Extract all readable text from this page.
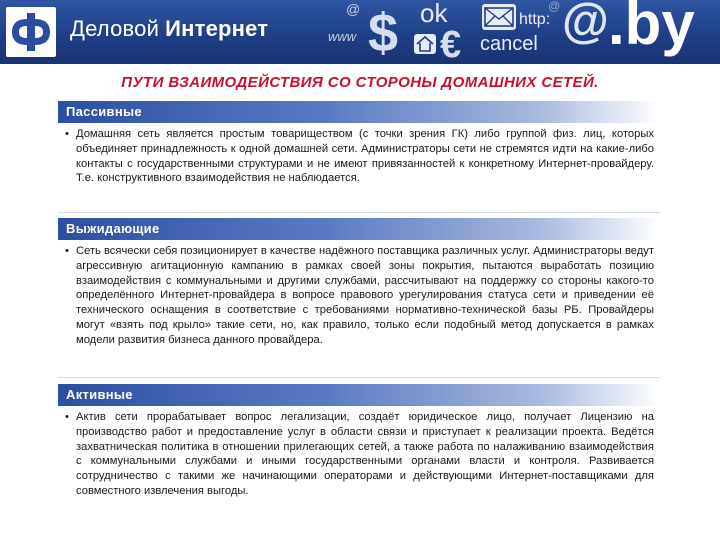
Деловой Интернет
@
www $ ok
€
http:
cancel
@ @ .by
ПУТИ ВЗАИМОДЕЙСТВИЯ СО СТОРОНЫ ДОМАШНИХ СЕТЕЙ.
Пассивные
• Домашняя сеть является простым товариществом (с точки зрения ГК) либо группой физ. лиц, которых объединяет принадлежность к одной домашней сети. Администраторы сети не стремятся идти на какие-либо контакты с государственными структурами и не имеют привязанностей к конкретному Интернет-провайдеру. Т.е. конструктивного взаимодействия не наблюдается.
Выжидающие
• Сеть всячески себя позиционирует в качестве надёжного поставщика различных услуг. Администраторы ведут агрессивную агитационную кампанию в рамках своей зоны покрытия, пытаются выработать позицию взаимодействия с коммунальными и другими службами, рассчитывают на поддержку со стороны какого-то определённого Интернет-провайдера в вопросе правового урегулирования статуса сети и приведении её технического оснащения в соответствие с требованиями нормативно-технической базы РБ. Провайдеры могут «взять под крыло» такие сети, но, как правило, только если подобный метод допускается в рамках модели развития бизнеса данного провайдера.
Активные
• Актив сети прорабатывает вопрос легализации, создаёт юридическое лицо, получает Лицензию на производство работ и предоставление услуг в области связи и приступает к реализации проекта. Ведётся захватническая политика в отношении прилегающих сетей, а также работа по налаживанию взаимодействия с коммунальными службами и иными государственными органами власти и контроля. Развивается сотрудничество с такими же начинающими операторами и действующими Интернет-поставщиками для совместного извлечения выгоды.
